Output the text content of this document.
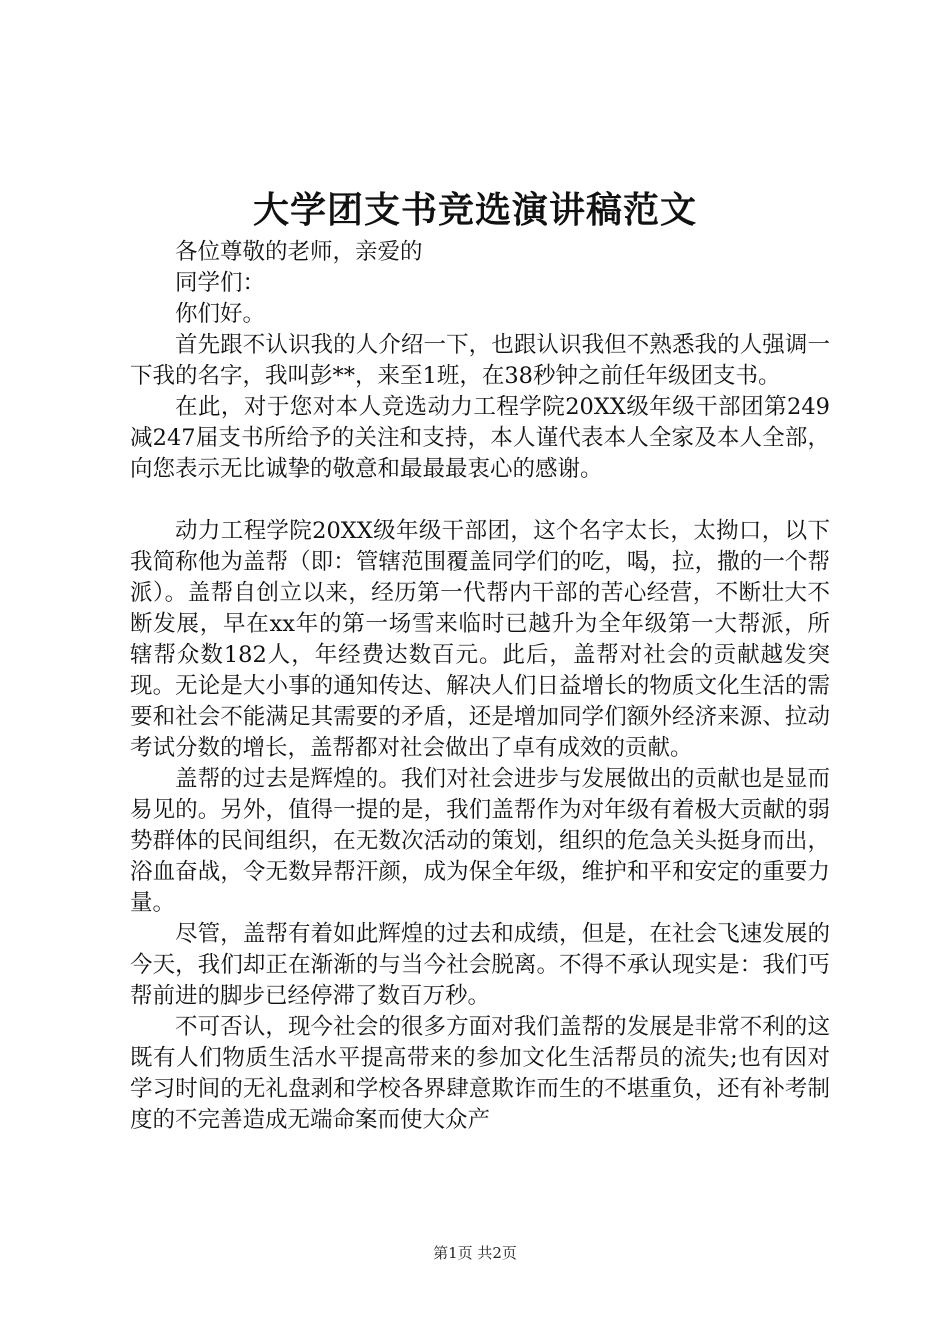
大学团支书竞选演讲稿范文

各位尊敬的老师，亲爱的

同学们：

你们好。

首先跟不认识我的人介绍一下，也跟认识我但不熟悉我的人强调一下我的名字，我叫彭**，来至1班，在38秒钟之前任年级团支书。

在此，对于您对本人竞选动力工程学院20XX级年级干部团第249减247届支书所给予的关注和支持，本人谨代表本人全家及本人全部，向您表示无比诚挚的敬意和最最最衷心的感谢。

动力工程学院20XX级年级干部团，这个名字太长，太拗口，以下我简称他为盖帮（即：管辖范围覆盖同学们的吃，喝，拉，撒的一个帮派）。盖帮自创立以来，经历第一代帮内干部的苦心经营，不断壮大不断发展，早在xx年的第一场雪来临时已越升为全年级第一大帮派，所辖帮众数182人，年经费达数百元。此后，盖帮对社会的贡献越发突现。无论是大小事的通知传达、解决人们日益增长的物质文化生活的需要和社会不能满足其需要的矛盾，还是增加同学们额外经济来源、拉动考试分数的增长，盖帮都对社会做出了卓有成效的贡献。

盖帮的过去是辉煌的。我们对社会进步与发展做出的贡献也是显而易见的。另外，值得一提的是，我们盖帮作为对年级有着极大贡献的弱势群体的民间组织，在无数次活动的策划，组织的危急关头挺身而出，浴血奋战，令无数异帮汗颜，成为保全年级，维护和平和安定的重要力量。

尽管，盖帮有着如此辉煌的过去和成绩，但是，在社会飞速发展的今天，我们却正在渐渐的与当今社会脱离。不得不承认现实是：我们丐帮前进的脚步已经停滞了数百万秒。

不可否认，现今社会的很多方面对我们盖帮的发展是非常不利的这既有人们物质生活水平提高带来的参加文化生活帮员的流失;也有因对学习时间的无礼盘剥和学校各界肆意欺诈而生的不堪重负，还有补考制度的不完善造成无端命案而使大众产

第1页 共2页
